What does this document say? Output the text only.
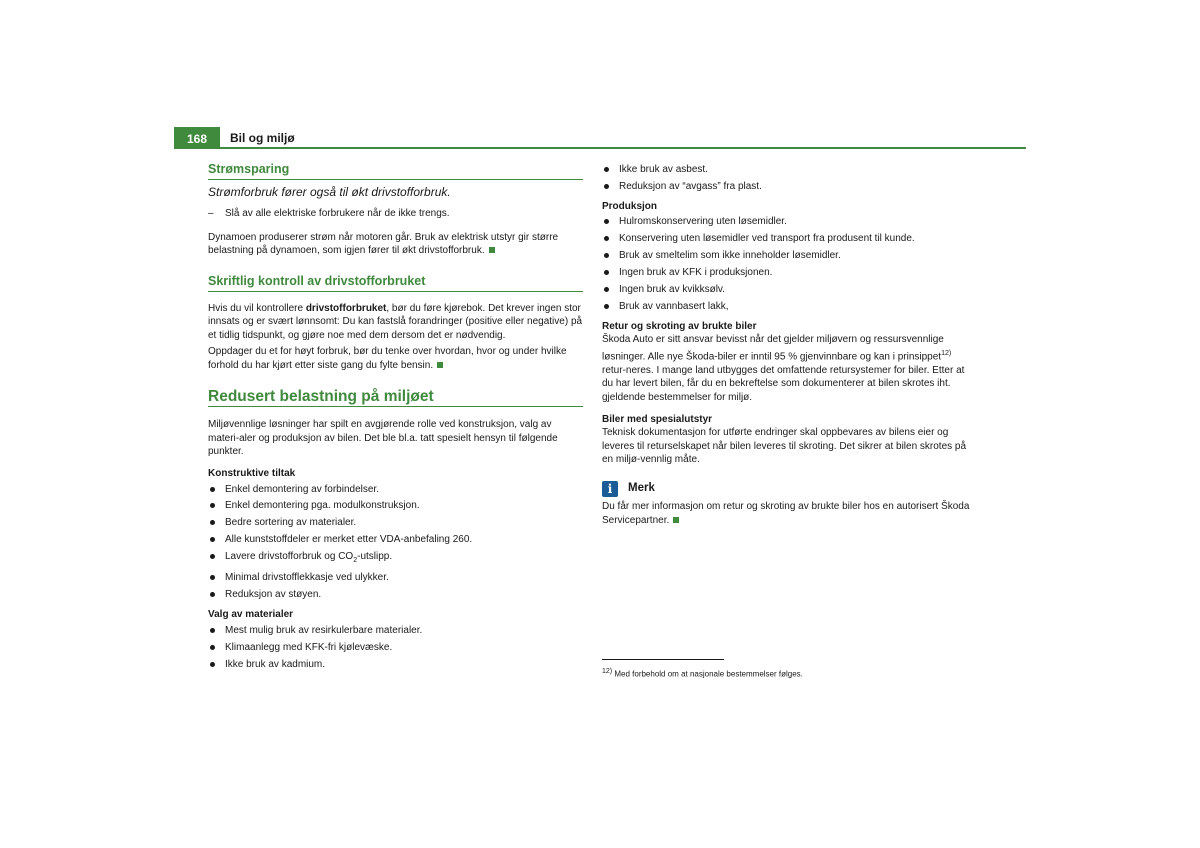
168	Bil og miljø
Strømsparing

Strømforbruk fører også til økt drivstofforbruk.

– Slå av alle elektriske forbrukere når de ikke trengs.

Dynamoen produserer strøm når motoren går. Bruk av elektrisk utstyr gir større belastning på dynamoen, som igjen fører til økt drivstofforbruk.

Skriftlig kontroll av drivstofforbruket

Hvis du vil kontrollere drivstofforbruket, bør du føre kjørebok. Det krever ingen stor innsats og er svært lønnsomt: Du kan fastslå forandringer (positive eller negative) på et tidlig tidspunkt, og gjøre noe med dem dersom det er nødvendig.

Oppdager du et for høyt forbruk, bør du tenke over hvordan, hvor og under hvilke forhold du har kjørt etter siste gang du fylte bensin.

Redusert belastning på miljøet

Miljøvennlige løsninger har spilt en avgjørende rolle ved konstruksjon, valg av materi-aler og produksjon av bilen. Det ble bl.a. tatt spesielt hensyn til følgende punkter.

Konstruktive tiltak

Enkel demontering av forbindelser.
Enkel demontering pga. modulkonstruksjon.
Bedre sortering av materialer.
Alle kunststoffdeler er merket etter VDA-anbefaling 260.
Lavere drivstofforbruk og $CO_2$-utslipp.
Minimal drivstofflekkasje ved ulykker.
Reduksjon av støyen.

Valg av materialer

Mest mulig bruk av resirkulerbare materialer.
Klimaanlegg med KFK-fri kjølevæske.
Ikke bruk av kadmium.
Ikke bruk av asbest.
Reduksjon av “avgass” fra plast.

Produksjon

Hulromskonservering uten løsemidler.
Konservering uten løsemidler ved transport fra produsent til kunde.
Bruk av smeltelim som ikke inneholder løsemidler.
Ingen bruk av KFK i produksjonen.
Ingen bruk av kvikksølv.
Bruk av vannbasert lakk,

Retur og skroting av brukte biler

Škoda Auto er sitt ansvar bevisst når det gjelder miljøvern og ressursvennlige løsninger. Alle nye Škoda-biler er inntil 95 % gjenvinnbare og kan i prinsippet$^{12)}$ retur-neres. I mange land utbygges det omfattende retursystemer for biler. Etter at du har levert bilen, får du en bekreftelse som dokumenterer at bilen skrotes iht. gjeldende bestemmelser for miljø.

Biler med spesialutstyr

Teknisk dokumentasjon for utførte endringer skal oppbevares av bilens eier og leveres til returselskapet når bilen leveres til skroting. Det sikrer at bilen skrotes på en miljø-vennlig måte.

i	Merk

Du får mer informasjon om retur og skroting av brukte biler hos en autorisert Škoda Servicepartner.

$^{12)}$ Med forbehold om at nasjonale bestemmelser følges.
